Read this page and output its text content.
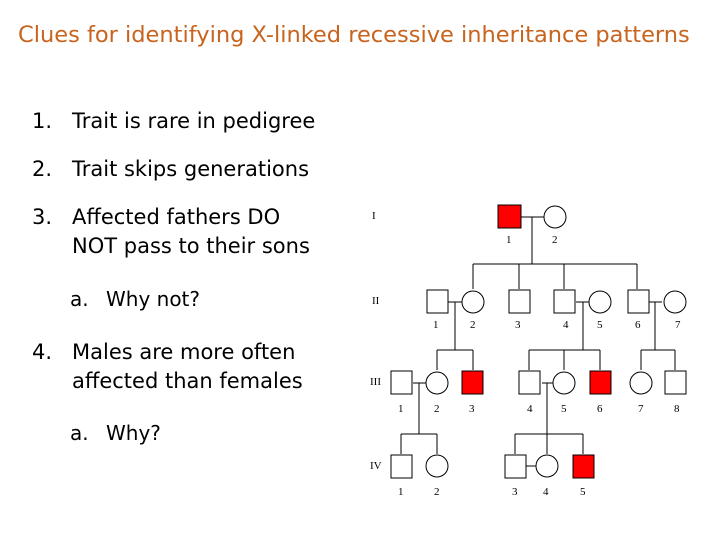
Clues for identifying X-linked recessive inheritance patterns
1. Trait is rare in pedigree
2. Trait skips generations
3. Affected fathers DO
NOT pass to their sons
a. Why not?
4. Males are more often
affected than females
a. Why?
I
II
III
IV
1	2
1	2	3	4	5	6	7
1	2	3	4	5	6	7	8
1	2	3 4	5
